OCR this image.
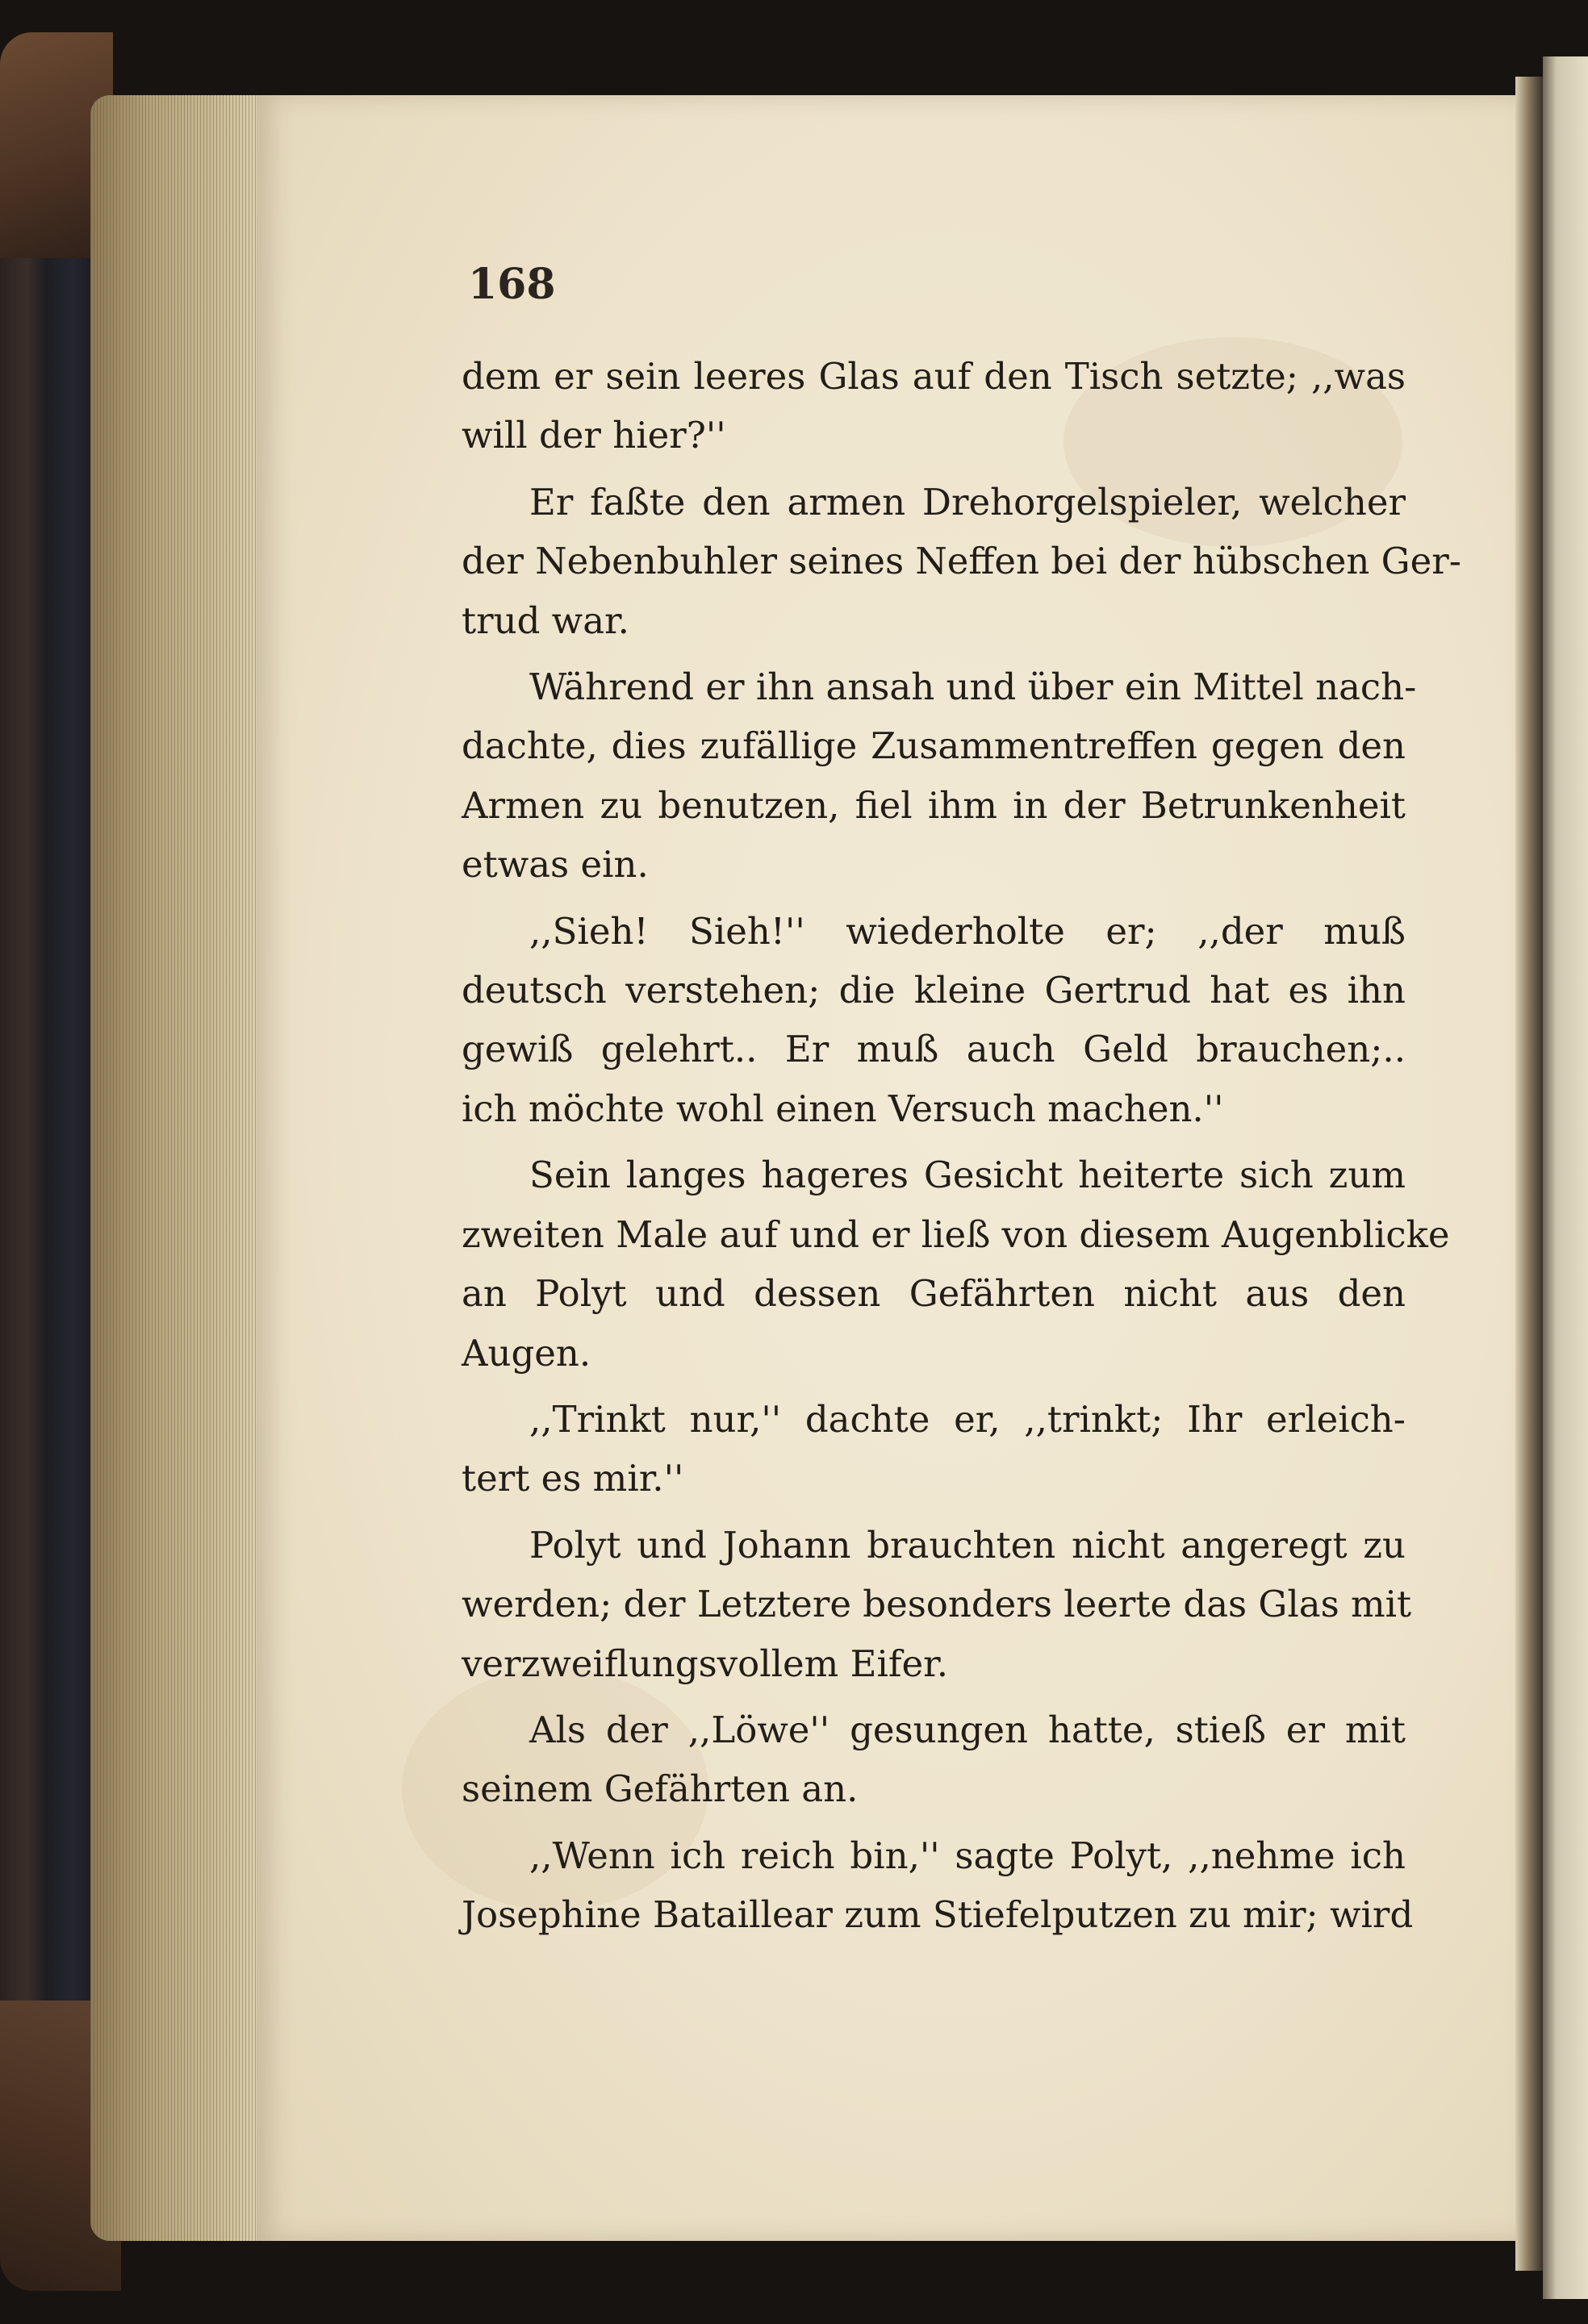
168

dem er sein leeres Glas auf den Tisch setzte; ,,was
will der hier?''

Er faßte den armen Drehorgelspieler, welcher
der Nebenbuhler seines Neffen bei der hübschen Ger-
trud war.

Während er ihn ansah und über ein Mittel nach-
dachte, dies zufällige Zusammentreffen gegen den
Armen zu benutzen, fiel ihm in der Betrunkenheit
etwas ein.

,,Sieh! Sieh!'' wiederholte er; ,,der muß
deutsch verstehen; die kleine Gertrud hat es ihn
gewiß gelehrt.. Er muß auch Geld brauchen;..
ich möchte wohl einen Versuch machen.''

Sein langes hageres Gesicht heiterte sich zum
zweiten Male auf und er ließ von diesem Augenblicke
an Polyt und dessen Gefährten nicht aus den
Augen.

,,Trinkt nur,'' dachte er, ,,trinkt; Ihr erleich-
tert es mir.''

Polyt und Johann brauchten nicht angeregt zu
werden; der Letztere besonders leerte das Glas mit
verzweiflungsvollem Eifer.

Als der ,,Löwe'' gesungen hatte, stieß er mit
seinem Gefährten an.

,,Wenn ich reich bin,'' sagte Polyt, ,,nehme ich
Josephine Bataillear zum Stiefelputzen zu mir; wird
